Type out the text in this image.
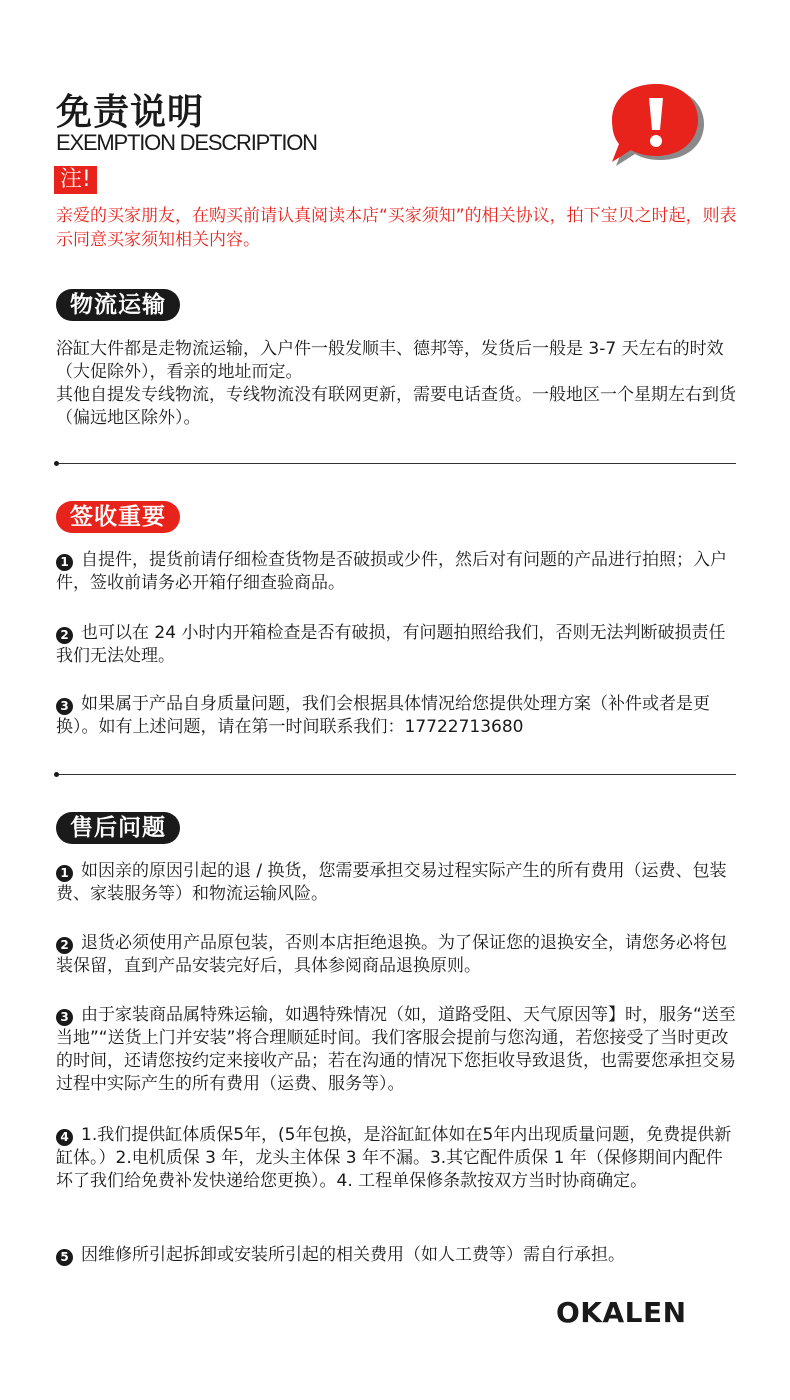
免责说明
EXEMPTION DESCRIPTION
注!

亲爱的买家朋友，在购买前请认真阅读本店“买家须知”的相关协议，拍下宝贝之时起，则表示同意买家须知相关内容。

物流运输

浴缸大件都是走物流运输，入户件一般发顺丰、德邦等，发货后一般是 3-7 天左右的时效（大促除外），看亲的地址而定。

其他自提发专线物流，专线物流没有联网更新，需要电话查货。一般地区一个星期左右到货（偏远地区除外）。

签收重要

1 自提件，提货前请仔细检查货物是否破损或少件，然后对有问题的产品进行拍照；入户件，签收前请务必开箱仔细查验商品。

2 也可以在 24 小时内开箱检查是否有破损，有问题拍照给我们，否则无法判断破损责任我们无法处理。

3 如果属于产品自身质量问题，我们会根据具体情况给您提供处理方案（补件或者是更换）。如有上述问题，请在第一时间联系我们：17722713680

售后问题

1 如因亲的原因引起的退 / 换货，您需要承担交易过程实际产生的所有费用（运费、包装费、家装服务等）和物流运输风险。

2 退货必须使用产品原包装，否则本店拒绝退换。为了保证您的退换安全，请您务必将包装保留，直到产品安装完好后，具体参阅商品退换原则。

3 由于家装商品属特殊运输，如遇特殊情况（如，道路受阻、天气原因等】时，服务“送至当地”“送货上门并安装”将合理顺延时间。我们客服会提前与您沟通，若您接受了当时更改的时间，还请您按约定来接收产品；若在沟通的情况下您拒收导致退货，也需要您承担交易过程中实际产生的所有费用（运费、服务等）。

4 1.我们提供缸体质保5年，(5年包换，是浴缸缸体如在5年内出现质量问题，免费提供新缸体。）2.电机质保 3 年，龙头主体保 3 年不漏。3.其它配件质保 1 年（保修期间内配件坏了我们给免费补发快递给您更换）。4. 工程单保修条款按双方当时协商确定。

5 因维修所引起拆卸或安装所引起的相关费用（如人工费等）需自行承担。

OKALEN
